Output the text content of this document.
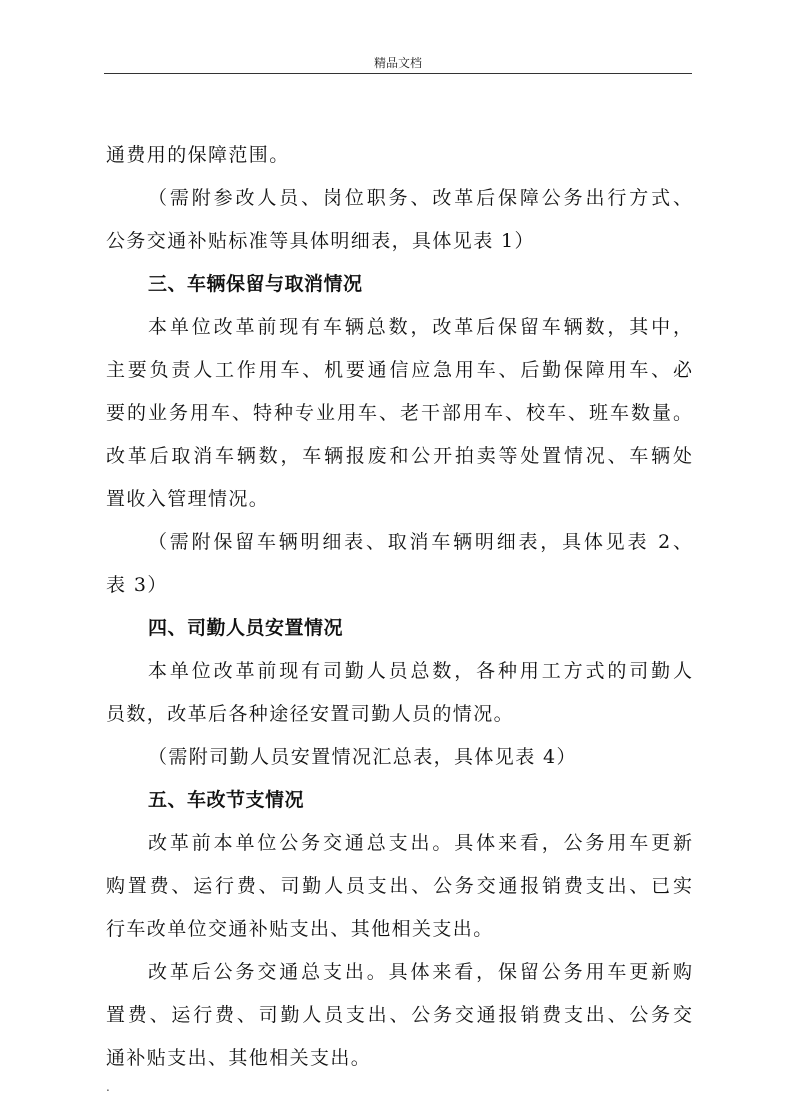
精品文档
通费用的保障范围。
（需附参改人员、岗位职务、改革后保障公务出行方式、
公务交通补贴标准等具体明细表，具体见表 1）
三、车辆保留与取消情况
本单位改革前现有车辆总数，改革后保留车辆数，其中，
主要负责人工作用车、机要通信应急用车、后勤保障用车、必
要的业务用车、特种专业用车、老干部用车、校车、班车数量。
改革后取消车辆数，车辆报废和公开拍卖等处置情况、车辆处
置收入管理情况。
（需附保留车辆明细表、取消车辆明细表，具体见表 2、
表 3）
四、司勤人员安置情况
本单位改革前现有司勤人员总数，各种用工方式的司勤人
员数，改革后各种途径安置司勤人员的情况。
（需附司勤人员安置情况汇总表，具体见表 4）
五、车改节支情况
改革前本单位公务交通总支出。具体来看，公务用车更新
购置费、运行费、司勤人员支出、公务交通报销费支出、已实
行车改单位交通补贴支出、其他相关支出。
改革后公务交通总支出。具体来看，保留公务用车更新购
置费、运行费、司勤人员支出、公务交通报销费支出、公务交
通补贴支出、其他相关支出。
.
